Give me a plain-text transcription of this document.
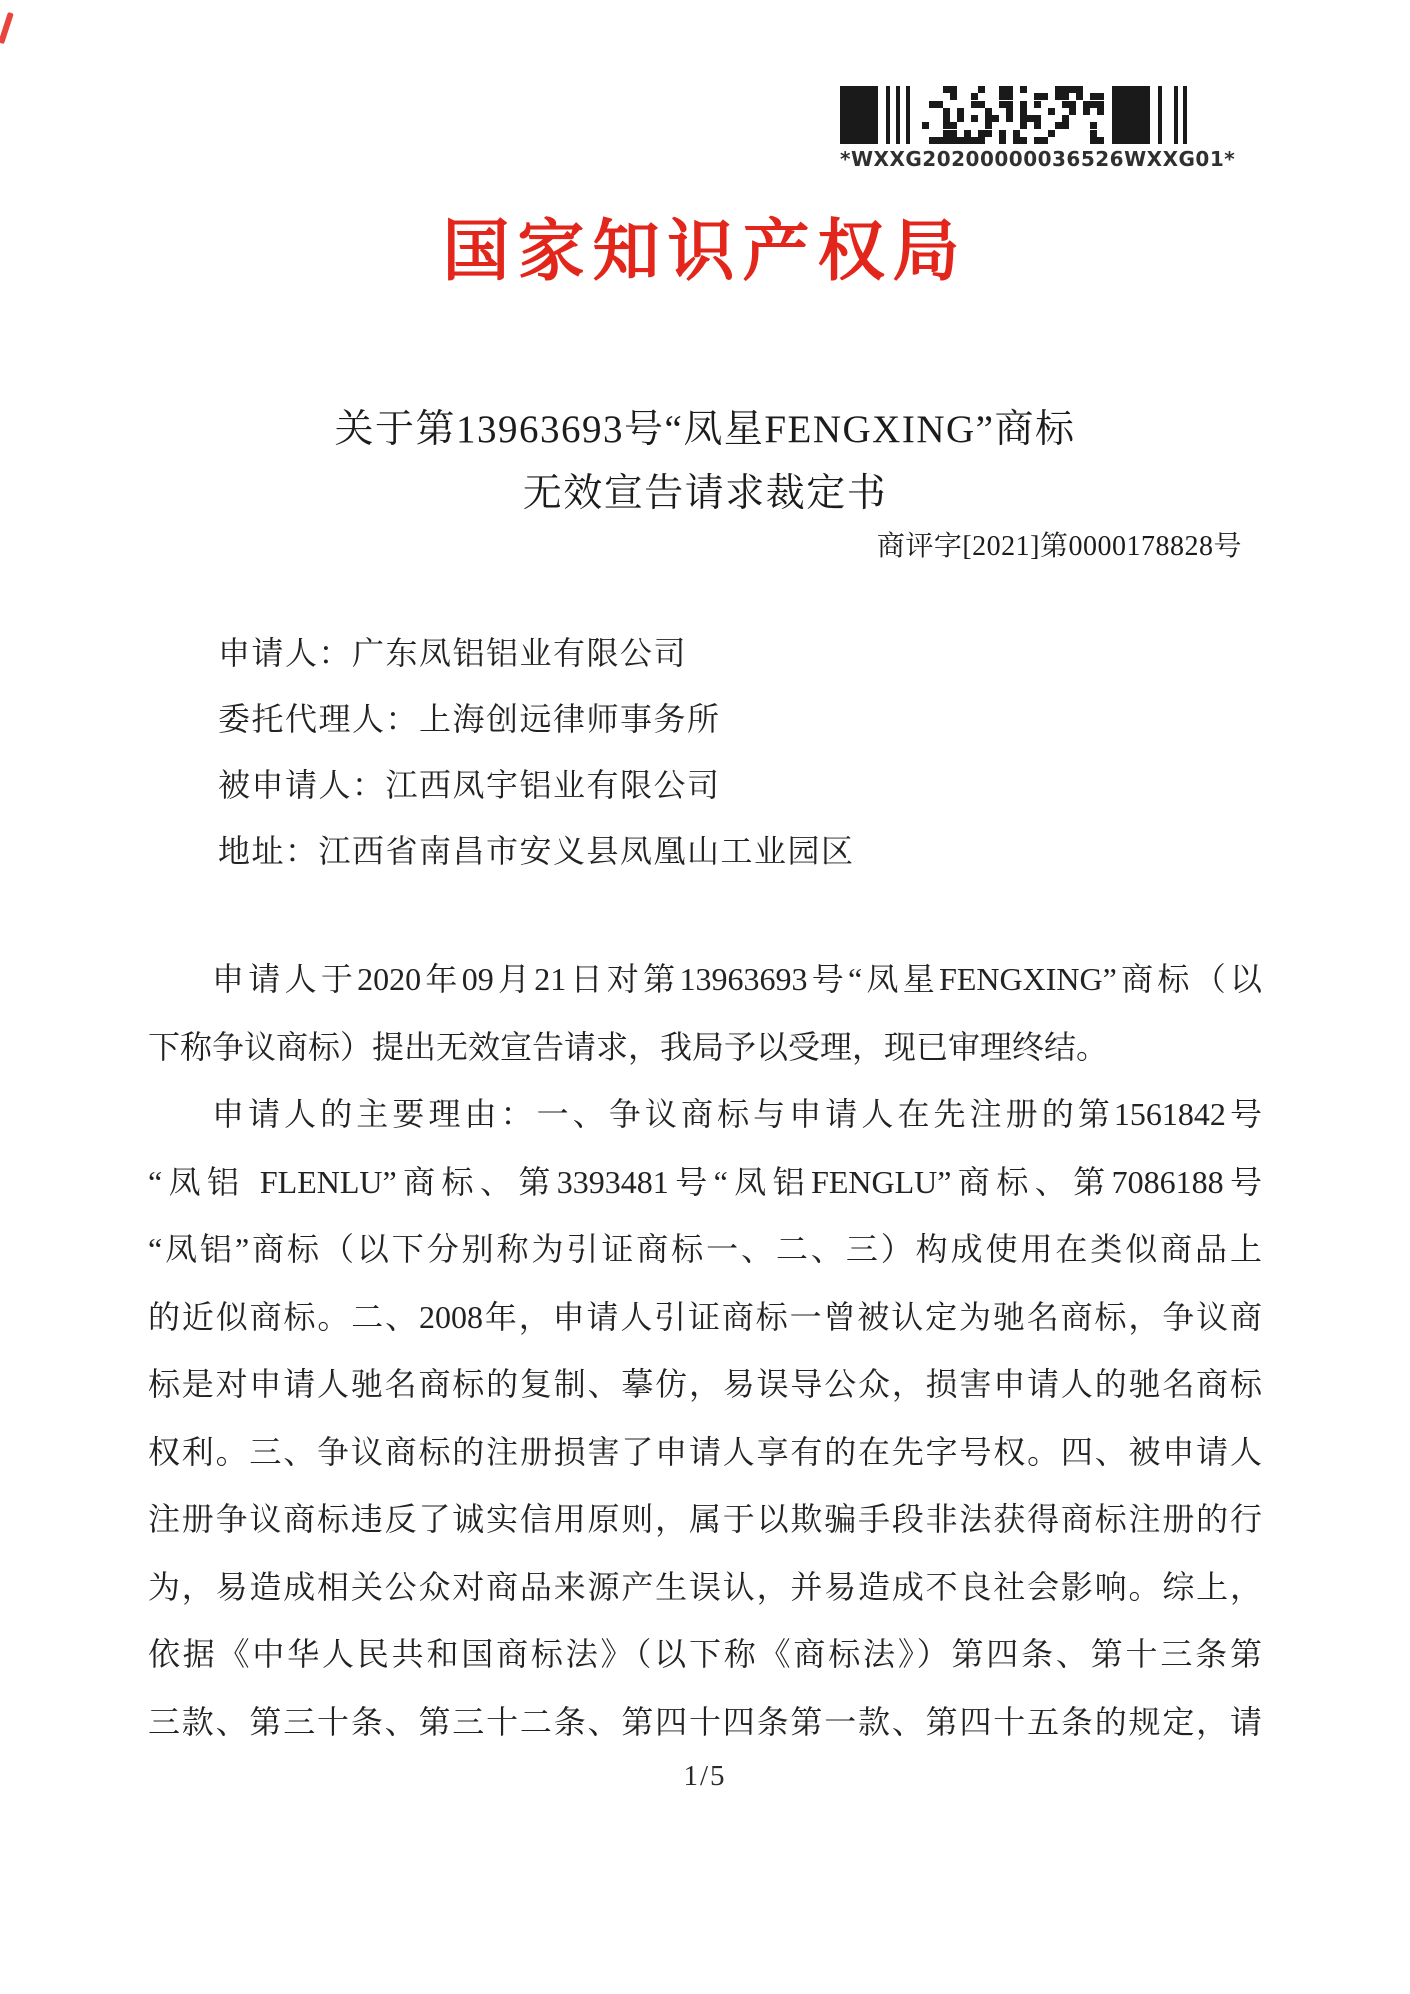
*WXXG20200000036526WXXG01*
国家知识产权局
关于第13963693号“凤星FENGXING”商标
无效宣告请求裁定书
商评字[2021]第0000178828号
申请人：广东凤铝铝业有限公司
委托代理人：上海创远律师事务所
被申请人：江西凤宇铝业有限公司
地址：江西省南昌市安义县凤凰山工业园区
申请人于2020年09月21日对第13963693号“凤星FENGXING”商标（以
下称争议商标）提出无效宣告请求，我局予以受理，现已审理终结。
申请人的主要理由：一、争议商标与申请人在先注册的第1561842号
“凤铝 FLENLU”商标、第3393481号“凤铝FENGLU”商标、第7086188号
“凤铝”商标（以下分别称为引证商标一、二、三）构成使用在类似商品上
的近似商标。二、2008年，申请人引证商标一曾被认定为驰名商标，争议商
标是对申请人驰名商标的复制、摹仿，易误导公众，损害申请人的驰名商标
权利。三、争议商标的注册损害了申请人享有的在先字号权。四、被申请人
注册争议商标违反了诚实信用原则，属于以欺骗手段非法获得商标注册的行
为，易造成相关公众对商品来源产生误认，并易造成不良社会影响。综上，
依据《中华人民共和国商标法》（以下称《商标法》）第四条、第十三条第
三款、第三十条、第三十二条、第四十四条第一款、第四十五条的规定，请
1/5
